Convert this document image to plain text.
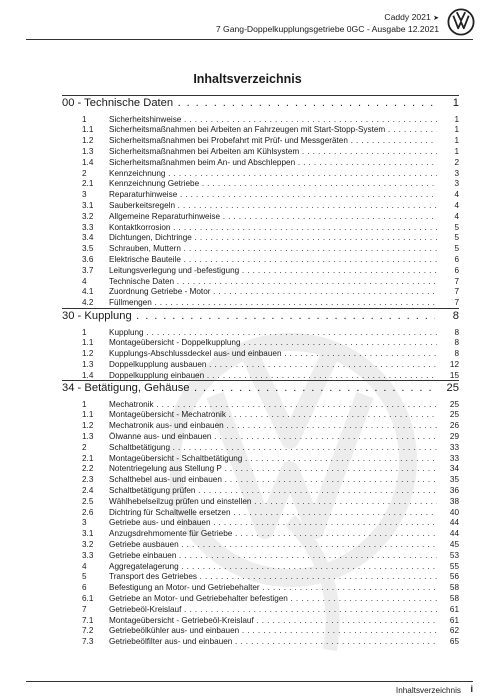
Caddy 2021 ➤
7 Gang-Doppelkupplungsgetriebe 0GC - Ausgabe 12.2021
Inhaltsverzeichnis
00 - Technische Daten . . .	1
1	Sicherheitshinweise . . .	1
1.1	Sicherheitsmaßnahmen bei Arbeiten an Fahrzeugen mit Start-Stopp-System . . .	1
1.2	Sicherheitsmaßnahmen bei Probefahrt mit Prüf- und Messgeräten . . .	1
1.3	Sicherheitsmaßnahmen bei Arbeiten am Kühlsystem . . .	1
1.4	Sicherheitsmaßnahmen beim An- und Abschleppen . . .	2
2	Kennzeichnung . . .	3
2.1	Kennzeichnung Getriebe . . .	3
3	Reparaturhinweise . . .	4
3.1	Sauberkeitsregeln . . .	4
3.2	Allgemeine Reparaturhinweise . . .	4
3.3	Kontaktkorrosion . . .	5
3.4	Dichtungen, Dichtringe . . .	5
3.5	Schrauben, Muttern . . .	5
3.6	Elektrische Bauteile . . .	6
3.7	Leitungsverlegung und -befestigung . . .	6
4	Technische Daten . . .	7
4.1	Zuordnung Getriebe - Motor . . .	7
4.2	Füllmengen . . .	7
30 - Kupplung . . .	8
1	Kupplung . . .	8
1.1	Montageübersicht - Doppelkupplung . . .	8
1.2	Kupplungs-Abschlussdeckel aus- und einbauen . . .	8
1.3	Doppelkupplung ausbauen . . .	12
1.4	Doppelkupplung einbauen . . .	15
34 - Betätigung, Gehäuse . . .	25
1	Mechatronik . . .	25
1.1	Montageübersicht - Mechatronik . . .	25
1.2	Mechatronik aus- und einbauen . . .	26
1.3	Ölwanne aus- und einbauen . . .	29
2	Schaltbetätigung . . .	33
2.1	Montageübersicht - Schaltbetätigung . . .	33
2.2	Notentriegelung aus Stellung P . . .	34
2.3	Schalthebel aus- und einbauen . . .	35
2.4	Schaltbetätigung prüfen . . .	36
2.5	Wählhebelseilzug prüfen und einstellen . . .	38
2.6	Dichtring für Schaltwelle ersetzen . . .	40
3	Getriebe aus- und einbauen . . .	44
3.1	Anzugsdrehmomente für Getriebe . . .	44
3.2	Getriebe ausbauen . . .	45
3.3	Getriebe einbauen . . .	53
4	Aggregatelagerung . . .	55
5	Transport des Getriebes . . .	56
6	Befestigung an Motor- und Getriebehalter . . .	58
6.1	Getriebe an Motor- und Getriebehalter befestigen . . .	58
7	Getriebeöl-Kreislauf . . .	61
7.1	Montageübersicht - Getriebeöl-Kreislauf . . .	61
7.2	Getriebeölkühler aus- und einbauen . . .	62
7.3	Getriebeölfilter aus- und einbauen . . .	65
Inhaltsverzeichnis i
